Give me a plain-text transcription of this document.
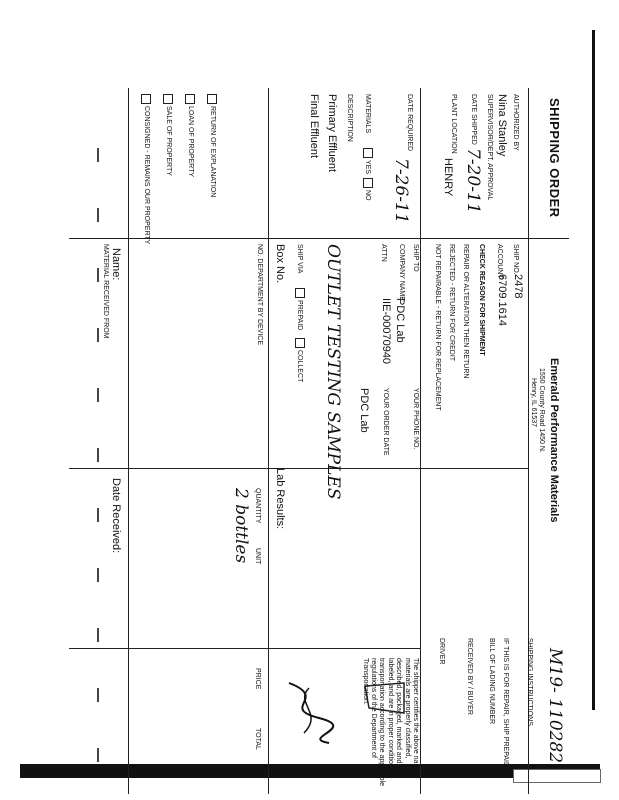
SHIPPING ORDER
Emerald Performance Materials
1550 County Road 1450 N.
Henry, IL 61537
M19- 110282
SHIPPING INSTRUCTIONS
IF THIS IS FOR REPAIR, SHIP PREPAID
BILL OF LADING NUMBER
RECEIVED BY / BUYER
DRIVER
AUTHORIZED BY
Nina Stanley
SUPERVISOR/DEPT. APPROVAL
DATE SHIPPED
7-20-11
PLANT LOCATION
HENRY
SHIP NO.
2478
ACCOUNT
6709.1614
CHECK REASON FOR SHIPMENT
REPAIR OR ALTERATION THEN RETURN
REJECTED - RETURN FOR CREDIT
NOT REPAIRABLE - RETURN FOR REPLACEMENT
RETURN OF EXPLANATION
LOAN OF PROPERTY
SALE OF PROPERTY
CONSIGNED - REMAINS OUR PROPERTY
SHIP TO
COMPANY NAME
PDC Lab
ATTN
IIE-00070940
DATE REQUIRED
7-26-11
MATERIALS
YES
NO
DESCRIPTION
Primary Effluent
Final Effluent
OUTLET TESTING SAMPLES
SHIP VIA
PREPAID
COLLECT
Box No.
YOUR PHONE NO.
YOUR ORDER DATE
PDC Lab
Lab Results:
QUANTITY
2 bottles UNIT
PRICE
TOTAL
Date Received:
Name:
MATERIAL RECEIVED FROM	NO. DEPARTMENT BY DEVICE
The shipper certifies the above named materials are properly classified, described, packaged, marked and labeled, and are in proper condition for transportation according to the applicable regulations of the Department of Transportation.
